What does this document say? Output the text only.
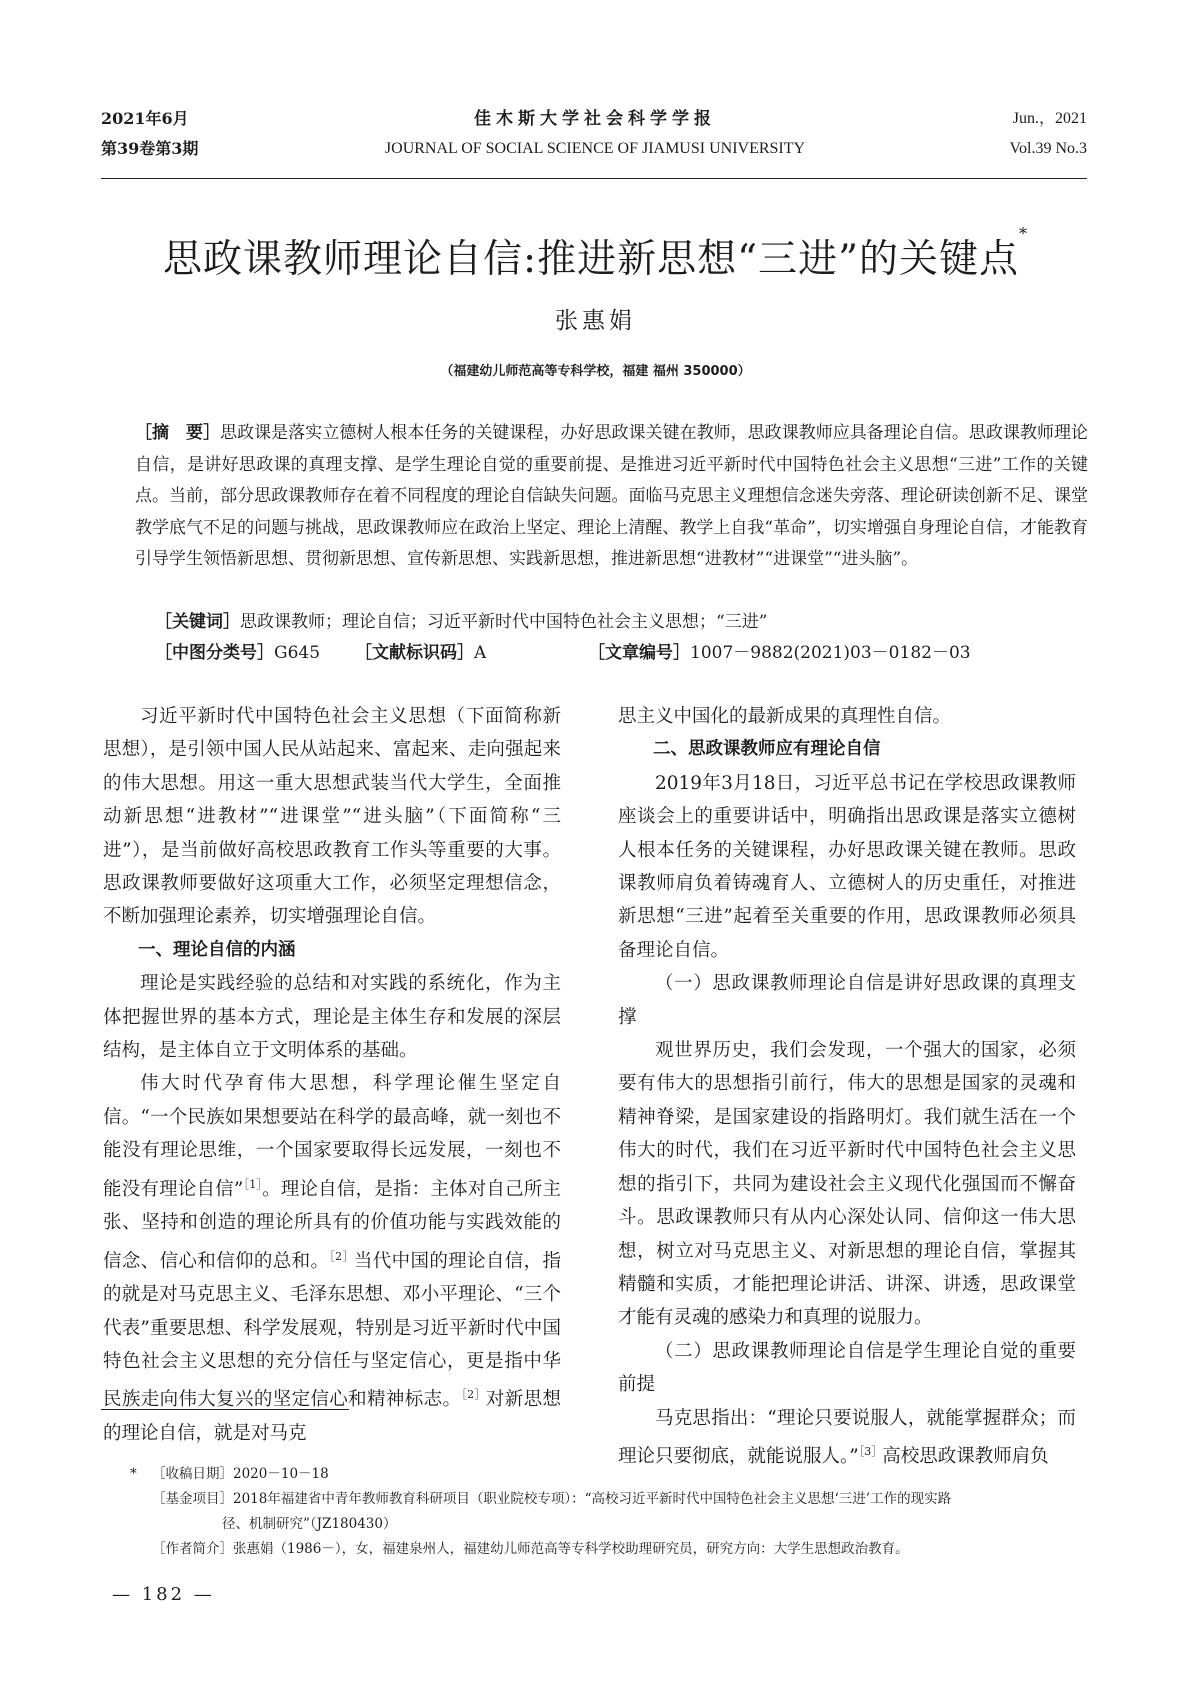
2021年6月
第39卷第3期
佳木斯大学社会科学学报
JOURNAL OF SOCIAL SCIENCE OF JIAMUSI UNIVERSITY
Jun.，2021
Vol.39 No.3
思政课教师理论自信:推进新思想“三进”的关键点*
张惠娟
（福建幼儿师范高等专科学校，福建 福州 350000）
［摘　要］思政课是落实立德树人根本任务的关键课程，办好思政课关键在教师，思政课教师应具备理论自信。思政课教师理论自信，是讲好思政课的真理支撑、是学生理论自觉的重要前提、是推进习近平新时代中国特色社会主义思想“三进”工作的关键点。当前，部分思政课教师存在着不同程度的理论自信缺失问题。面临马克思主义理想信念迷失旁落、理论研读创新不足、课堂教学底气不足的问题与挑战，思政课教师应在政治上坚定、理论上清醒、教学上自我“革命”，切实增强自身理论自信，才能教育引导学生领悟新思想、贯彻新思想、宣传新思想、实践新思想，推进新思想“进教材”“进课堂”“进头脑”。
［关键词］思政课教师；理论自信；习近平新时代中国特色社会主义思想；“三进”
［中图分类号］G645 ［文献标识码］A	［文章编号］1007－9882(2021)03－0182－03

习近平新时代中国特色社会主义思想（下面简称新思想），是引领中国人民从站起来、富起来、走向强起来的伟大思想。用这一重大思想武装当代大学生，全面推动新思想“进教材”“进课堂”“进头脑”（下面简称“三进”），是当前做好高校思政教育工作头等重要的大事。思政课教师要做好这项重大工作，必须坚定理想信念，不断加强理论素养，切实增强理论自信。

一、理论自信的内涵

理论是实践经验的总结和对实践的系统化，作为主体把握世界的基本方式，理论是主体生存和发展的深层结构，是主体自立于文明体系的基础。

伟大时代孕育伟大思想，科学理论催生坚定自信。“一个民族如果想要站在科学的最高峰，就一刻也不能没有理论思维，一个国家要取得长远发展，一刻也不能没有理论自信”$^{[1]}$。理论自信，是指：主体对自己所主张、坚持和创造的理论所具有的价值功能与实践效能的信念、信心和信仰的总和。$^{[2]}$当代中国的理论自信，指的就是对马克思主义、毛泽东思想、邓小平理论、“三个代表”重要思想、科学发展观，特别是习近平新时代中国特色社会主义思想的充分信任与坚定信心，更是指中华民族走向伟大复兴的坚定信心和精神标志。$^{[2]}$对新思想的理论自信，就是对马克

思主义中国化的最新成果的真理性自信。

二、思政课教师应有理论自信

2019年3月18日，习近平总书记在学校思政课教师座谈会上的重要讲话中，明确指出思政课是落实立德树人根本任务的关键课程，办好思政课关键在教师。思政课教师肩负着铸魂育人、立德树人的历史重任，对推进新思想“三进”起着至关重要的作用，思政课教师必须具备理论自信。

（一）思政课教师理论自信是讲好思政课的真理支撑

观世界历史，我们会发现，一个强大的国家，必须要有伟大的思想指引前行，伟大的思想是国家的灵魂和精神脊梁，是国家建设的指路明灯。我们就生活在一个伟大的时代，我们在习近平新时代中国特色社会主义思想的指引下，共同为建设社会主义现代化强国而不懈奋斗。思政课教师只有从内心深处认同、信仰这一伟大思想，树立对马克思主义、对新思想的理论自信，掌握其精髓和实质，才能把理论讲活、讲深、讲透，思政课堂才能有灵魂的感染力和真理的说服力。

（二）思政课教师理论自信是学生理论自觉的重要前提

马克思指出：“理论只要说服人，就能掌握群众；而理论只要彻底，就能说服人。”$^{[3]}$高校思政课教师肩负

* ［收稿日期］2020－10－18
［基金项目］2018年福建省中青年教师教育科研项目（职业院校专项）：“高校习近平新时代中国特色社会主义思想‘三进’工作的现实路
径、机制研究”（JZ180430）
［作者简介］张惠娟（1986－），女，福建泉州人，福建幼儿师范高等专科学校助理研究员，研究方向：大学生思想政治教育。
— 182 —
